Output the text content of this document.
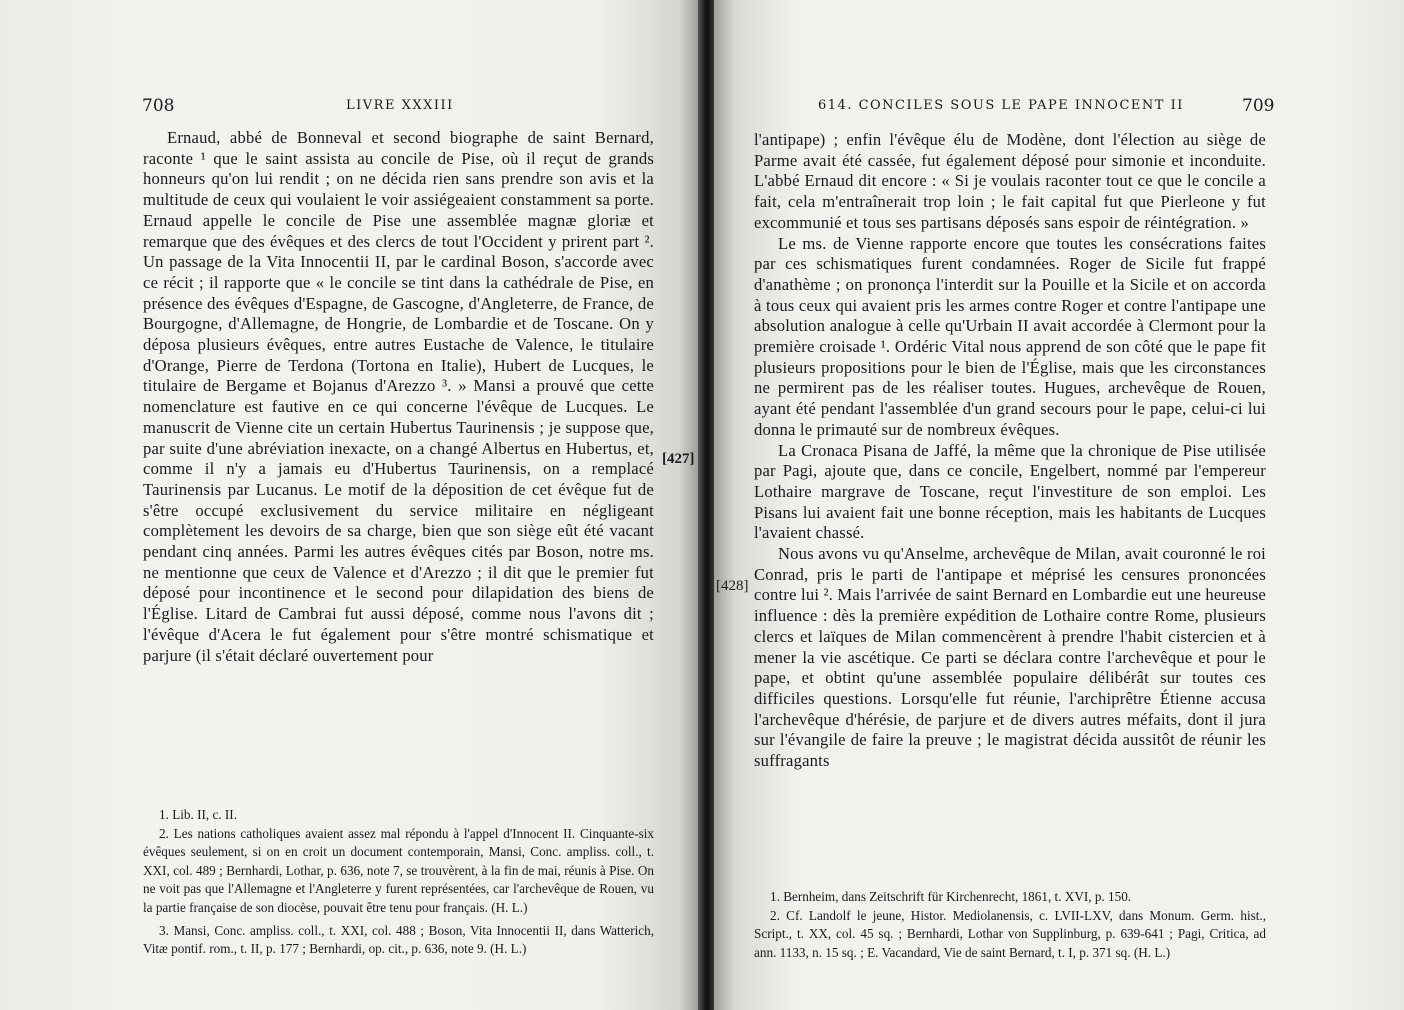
708	LIVRE XXXIII

Ernaud, abbé de Bonneval et second biographe de saint Bernard, raconte ¹ que le saint assista au concile de Pise, où il reçut de grands honneurs qu'on lui rendit ; on ne décida rien sans prendre son avis et la multitude de ceux qui voulaient le voir assiégeaient constamment sa porte. Ernaud appelle le concile de Pise une assemblée magnæ gloriæ et remarque que des évêques et des clercs de tout l'Occident y prirent part ². Un passage de la Vita Innocentii II, par le cardinal Boson, s'accorde avec ce récit ; il rapporte que « le concile se tint dans la cathédrale de Pise, en présence des évêques d'Espagne, de Gascogne, d'Angleterre, de France, de Bourgogne, d'Allemagne, de Hongrie, de Lombardie et de Toscane. On y déposa plusieurs évêques, entre autres Eustache de Valence, le titulaire d'Orange, Pierre de Terdona (Tortona en Italie), Hubert de Lucques, le titulaire de Bergame et Bojanus d'Arezzo ³. » Mansi a prouvé que cette nomenclature est fautive en ce qui concerne l'évêque de Lucques. Le manuscrit de Vienne cite un certain Hubertus Taurinensis ; je suppose que, par suite d'une abréviation inexacte, on a changé Albertus en Hubertus, et, comme il n'y a jamais eu d'Hubertus Taurinensis, on a remplacé Taurinensis par Lucanus. Le motif de la déposition de cet évêque fut de s'être occupé exclusivement du service militaire en négligeant complètement les devoirs de sa charge, bien que son siège eût été vacant pendant cinq années. Parmi les autres évêques cités par Boson, notre ms. ne mentionne que ceux de Valence et d'Arezzo ; il dit que le premier fut déposé pour incontinence et le second pour dilapidation des biens de l'Église. Litard de Cambrai fut aussi déposé, comme nous l'avons dit ; l'évêque d'Acera le fut également pour s'être montré schismatique et parjure (il s'était déclaré ouvertement pour

1. Lib. II, c. II.

2. Les nations catholiques avaient assez mal répondu à l'appel d'Innocent II. Cinquante-six évêques seulement, si on en croit un document contemporain, Mansi, Conc. ampliss. coll., t. XXI, col. 489 ; Bernhardi, Lothar, p. 636, note 7, se trouvèrent, à la fin de mai, réunis à Pise. On ne voit pas que l'Allemagne et l'Angleterre y furent représentées, car l'archevêque de Rouen, vu la partie française de son diocèse, pouvait être tenu pour français. (H. L.)

3. Mansi, Conc. ampliss. coll., t. XXI, col. 488 ; Boson, Vita Innocentii II, dans Watterich, Vitæ pontif. rom., t. II, p. 177 ; Bernhardi, op. cit., p. 636, note 9. (H. L.)

[427]
614. CONCILES SOUS LE PAPE INNOCENT II	709

l'antipape) ; enfin l'évêque élu de Modène, dont l'élection au siège de Parme avait été cassée, fut également déposé pour simonie et inconduite. L'abbé Ernaud dit encore : « Si je voulais raconter tout ce que le concile a fait, cela m'entraînerait trop loin ; le fait capital fut que Pierleone y fut excommunié et tous ses partisans déposés sans espoir de réintégration. »

Le ms. de Vienne rapporte encore que toutes les consécrations faites par ces schismatiques furent condamnées. Roger de Sicile fut frappé d'anathème ; on prononça l'interdit sur la Pouille et la Sicile et on accorda à tous ceux qui avaient pris les armes contre Roger et contre l'antipape une absolution analogue à celle qu'Urbain II avait accordée à Clermont pour la première croisade ¹. Ordéric Vital nous apprend de son côté que le pape fit plusieurs propositions pour le bien de l'Église, mais que les circonstances ne permirent pas de les réaliser toutes. Hugues, archevêque de Rouen, ayant été pendant l'assemblée d'un grand secours pour le pape, celui-ci lui donna le primauté sur de nombreux évêques.

La Cronaca Pisana de Jaffé, la même que la chronique de Pise utilisée par Pagi, ajoute que, dans ce concile, Engelbert, nommé par l'empereur Lothaire margrave de Toscane, reçut l'investiture de son emploi. Les Pisans lui avaient fait une bonne réception, mais les habitants de Lucques l'avaient chassé.

Nous avons vu qu'Anselme, archevêque de Milan, avait couronné le roi Conrad, pris le parti de l'antipape et méprisé les censures prononcées contre lui ². Mais l'arrivée de saint Bernard en Lombardie eut une heureuse influence : dès la première expédition de Lothaire contre Rome, plusieurs clercs et laïques de Milan commencèrent à prendre l'habit cistercien et à mener la vie ascétique. Ce parti se déclara contre l'archevêque et pour le pape, et obtint qu'une assemblée populaire délibérât sur toutes ces difficiles questions. Lorsqu'elle fut réunie, l'archiprêtre Étienne accusa l'archevêque d'hérésie, de parjure et de divers autres méfaits, dont il jura sur l'évangile de faire la preuve ; le magistrat décida aussitôt de réunir les suffragants

[428]

1. Bernheim, dans Zeitschrift für Kirchenrecht, 1861, t. XVI, p. 150.

2. Cf. Landolf le jeune, Histor. Mediolanensis, c. LVII-LXV, dans Monum. Germ. hist., Script., t. XX, col. 45 sq. ; Bernhardi, Lothar von Supplinburg, p. 639-641 ; Pagi, Critica, ad ann. 1133, n. 15 sq. ; E. Vacandard, Vie de saint Bernard, t. I, p. 371 sq. (H. L.)
